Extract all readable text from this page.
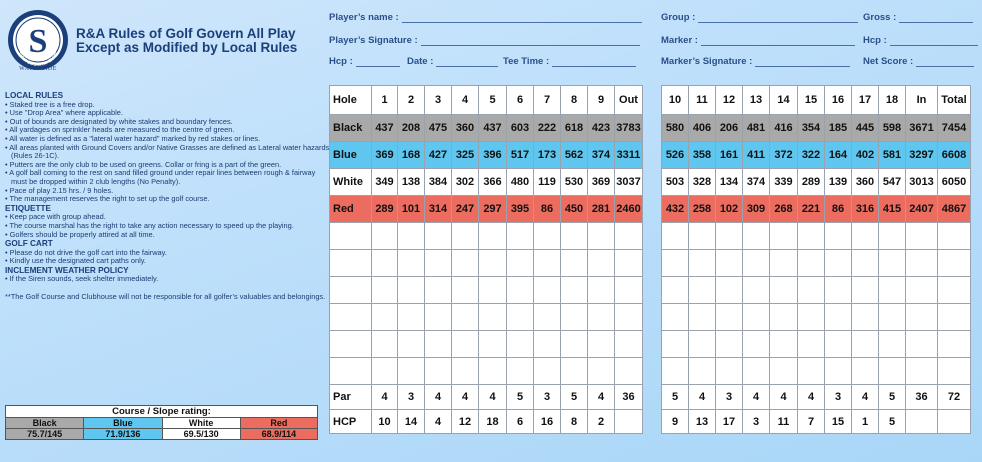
S
SIAM COUNTRY CLUB
WATERSIDE
R&A Rules of Golf Govern All Play
Except as Modified by Local Rules
Player’s name :
Player’s Signature :
Hcp :	Date :	Tee Time :
Group :	Gross :
Marker :	Hcp :
Marker’s Signature :	Net Score :
LOCAL RULES
• Staked tree is a free drop.
• Use "Drop Area" where applicable.
• Out of bounds are designated by white stakes and boundary fences.
• All yardages on sprinkler heads are measured to the centre of green.
• All water is defined as a "lateral water hazard" marked by red stakes or lines.
• All areas planted with Ground Covers and/or Native Grasses are defined as Lateral water hazards (Rules 26-1C).
• Putters are the only club to be used on greens. Collar or fring is a part of the green.
• A golf ball coming to the rest on sand filled ground under repair lines between rough & fairway must be dropped within 2 club lengths (No Penalty).
• Pace of play 2.15 hrs. / 9 holes.
• The management reserves the right to set up the golf course.
ETIQUETTE
• Keep pace with group ahead.
• The course marshal has the right to take any action necessary to speed up the playing.
• Golfers should be properly attired at all time.
GOLF CART
• Please do not drive the golf cart into the fairway.
• Kindly use the designated cart paths only.
INCLEMENT WEATHER POLICY
• If the Siren sounds, seek shelter immediately.
**The Golf Course and Clubhouse will not be responsible for all golfer’s valuables and belongings.
Course / Slope rating:			
Black	Blue	White	Red
75.7/145	71.9/136	69.5/130	68.9/114
Hole	1	2	3	4	5	6	7	8	9	Out
Black	437	208	475	360	437	603	222	618	423	3783
Blue	369	168	427	325	396	517	173	562	374	3311
White	349	138	384	302	366	480	119	530	369	3037
Red	289	101	314	247	297	395	86	450	281	2460

Par	4	3	4	4	4	5	3	5	4	36
HCP	10	14	4	12	18	6	16	8	2	
10	11	12	13	14	15	16	17	18	In	Total
580	406	206	481	416	354	185	445	598	3671	7454
526	358	161	411	372	322	164	402	581	3297	6608
503	328	134	374	339	289	139	360	547	3013	6050
432	258	102	309	268	221	86	316	415	2407	4867

5	4	3	4	4	4	3	4	5	36	72
9	13	17	3	11	7	15	1	5		
